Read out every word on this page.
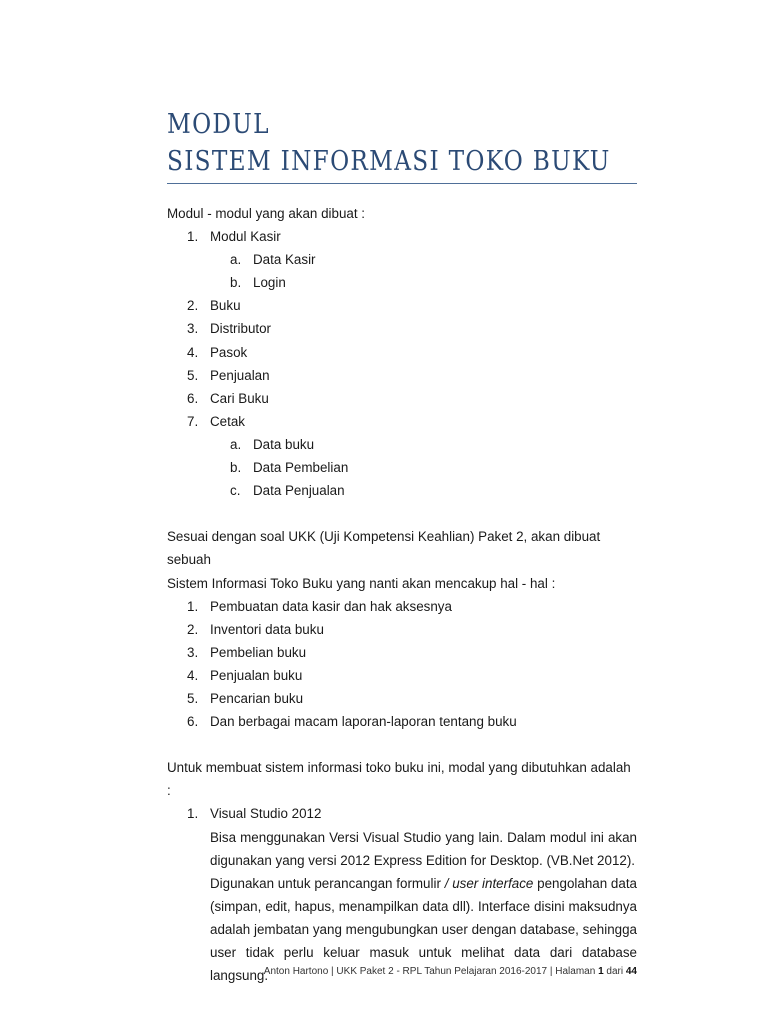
MODUL
SISTEM INFORMASI TOKO BUKU

Modul - modul yang akan dibuat :

1. Modul Kasir
a. Data Kasir
b. Login
2. Buku
3. Distributor
4. Pasok
5. Penjualan
6. Cari Buku
7. Cetak
a. Data buku
b. Data Pembelian
c. Data Penjualan

Sesuai dengan soal UKK (Uji Kompetensi Keahlian) Paket 2, akan dibuat sebuah

Sistem Informasi Toko Buku yang nanti akan mencakup hal - hal :

1. Pembuatan data kasir dan hak aksesnya
2. Inventori data buku
3. Pembelian buku
4. Penjualan buku
5. Pencarian buku
6. Dan berbagai macam laporan-laporan tentang buku

Untuk membuat sistem informasi toko buku ini, modal yang dibutuhkan adalah :

1. Visual Studio 2012
Bisa menggunakan Versi Visual Studio yang lain. Dalam modul ini akan digunakan yang versi 2012 Express Edition for Desktop. (VB.Net 2012).
Digunakan untuk perancangan formulir / user interface pengolahan data (simpan, edit, hapus, menampilkan data dll). Interface disini maksudnya adalah jembatan yang mengubungkan user dengan database, sehingga user tidak perlu keluar masuk untuk melihat data dari database langsung.
Anton Hartono | UKK Paket 2 - RPL Tahun Pelajaran 2016-2017 | Halaman 1 dari 44
